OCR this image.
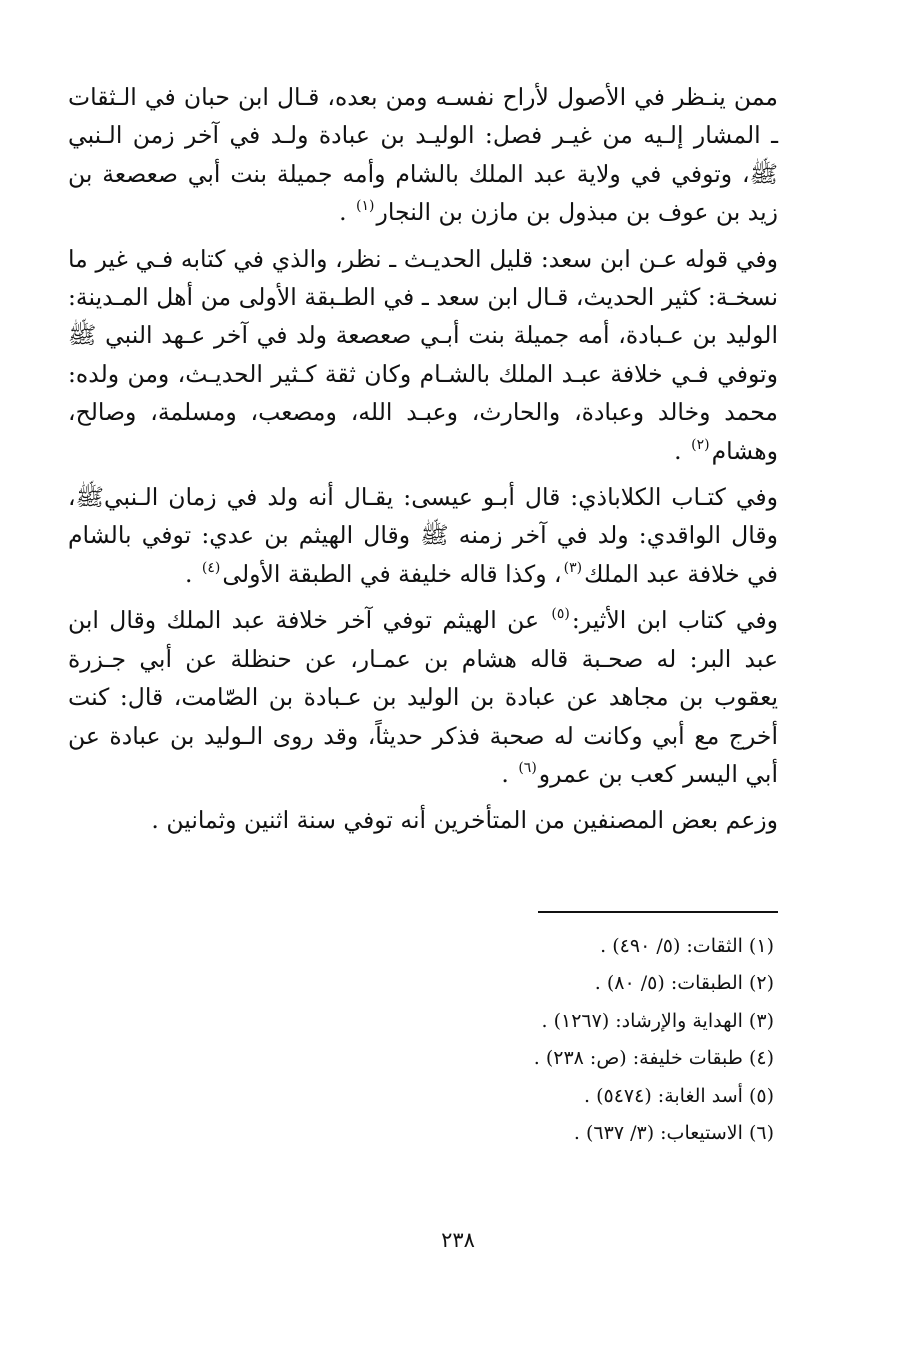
ممن ينـظر في الأصول لأراح نفسـه ومن بعده، قـال ابن حبان في الـثقات ـ المشار إلـيه من غيـر فصل: الوليـد بن عبادة ولـد في آخر زمن الـنبي ﷺ، وتوفي في ولاية عبد الملك بالشام وأمه جميلة بنت أبي صعصعة بن زيد بن عوف بن مبذول بن مازن بن النجار$^{(١)}$ .

وفي قوله عـن ابن سعد: قليل الحديـث ـ نظر، والذي في كتابه فـي غير ما نسخـة: كثير الحديث، قـال ابن سعد ـ في الطـبقة الأولى من أهل المـدينة: الوليد بن عـبادة، أمه جميلة بنت أبـي صعصعة ولد في آخر عـهد النبي ﷺ وتوفي فـي خلافة عبـد الملك بالشـام وكان ثقة كـثير الحديـث، ومن ولده: محمد وخالد وعبادة، والحارث، وعبـد الله، ومصعب، ومسلمة، وصالح، وهشام$^{(٢)}$ .

وفي كتـاب الكلاباذي: قال أبـو عيسى: يقـال أنه ولد في زمان الـنبيﷺ، وقال الواقدي: ولد في آخر زمنه ﷺ وقال الهيثم بن عدي: توفي بالشام في خلافة عبد الملك$^{(٣)}$، وكذا قاله خليفة في الطبقة الأولى$^{(٤)}$ .

وفي كتاب ابن الأثير:$^{(٥)}$ عن الهيثم توفي آخر خلافة عبد الملك وقال ابن عبد البر: له صحـبة قاله هشام بن عمـار، عن حنظلة عن أبي جـزرة يعقوب بن مجاهد عن عبادة بن الوليد بن عـبادة بن الصّامت، قال: كنت أخرج مع أبي وكانت له صحبة فذكر حديثاً، وقد روى الـوليد بن عبادة عن أبي اليسر كعب بن عمرو$^{(٦)}$ .

وزعم بعض المصنفين من المتأخرين أنه توفي سنة اثنين وثمانين .

(١) الثقات: (٥/ ٤٩٠) .

(٢) الطبقات: (٥/ ٨٠) .

(٣) الهداية والإرشاد: (١٢٦٧) .

(٤) طبقات خليفة: (ص: ٢٣٨) .

(٥) أسد الغابة: (٥٤٧٤) .

(٦) الاستيعاب: (٣/ ٦٣٧) .

٢٣٨
